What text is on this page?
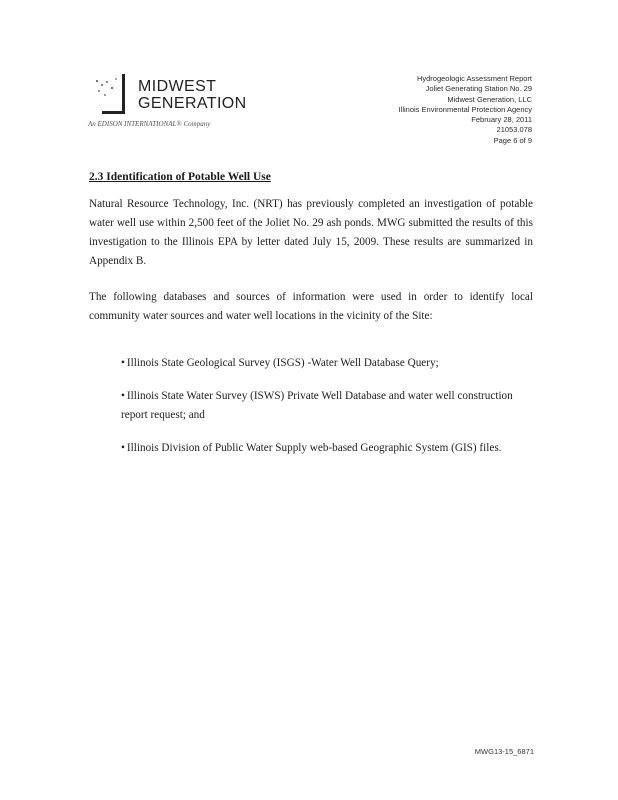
MIDWEST
GENERATION
An EDISON INTERNATIONAL® Company
Hydrogeologic Assessment Report
Joliet Generating Station No. 29
Midwest Generation, LLC
Illinois Environmental Protection Agency
February 28, 2011
21053.078
Page 6 of 9
2.3 Identification of Potable Well Use

Natural Resource Technology, Inc. (NRT) has previously completed an investigation of potable water well use within 2,500 feet of the Joliet No. 29 ash ponds. MWG submitted the results of this investigation to the Illinois EPA by letter dated July 15, 2009. These results are summarized in Appendix B.

The following databases and sources of information were used in order to identify local community water sources and water well locations in the vicinity of the Site:

• Illinois State Geological Survey (ISGS) -Water Well Database Query;
• Illinois State Water Survey (ISWS) Private Well Database and water well construction report request; and
• Illinois Division of Public Water Supply web-based Geographic System (GIS) files.
MWG13-15_6871
